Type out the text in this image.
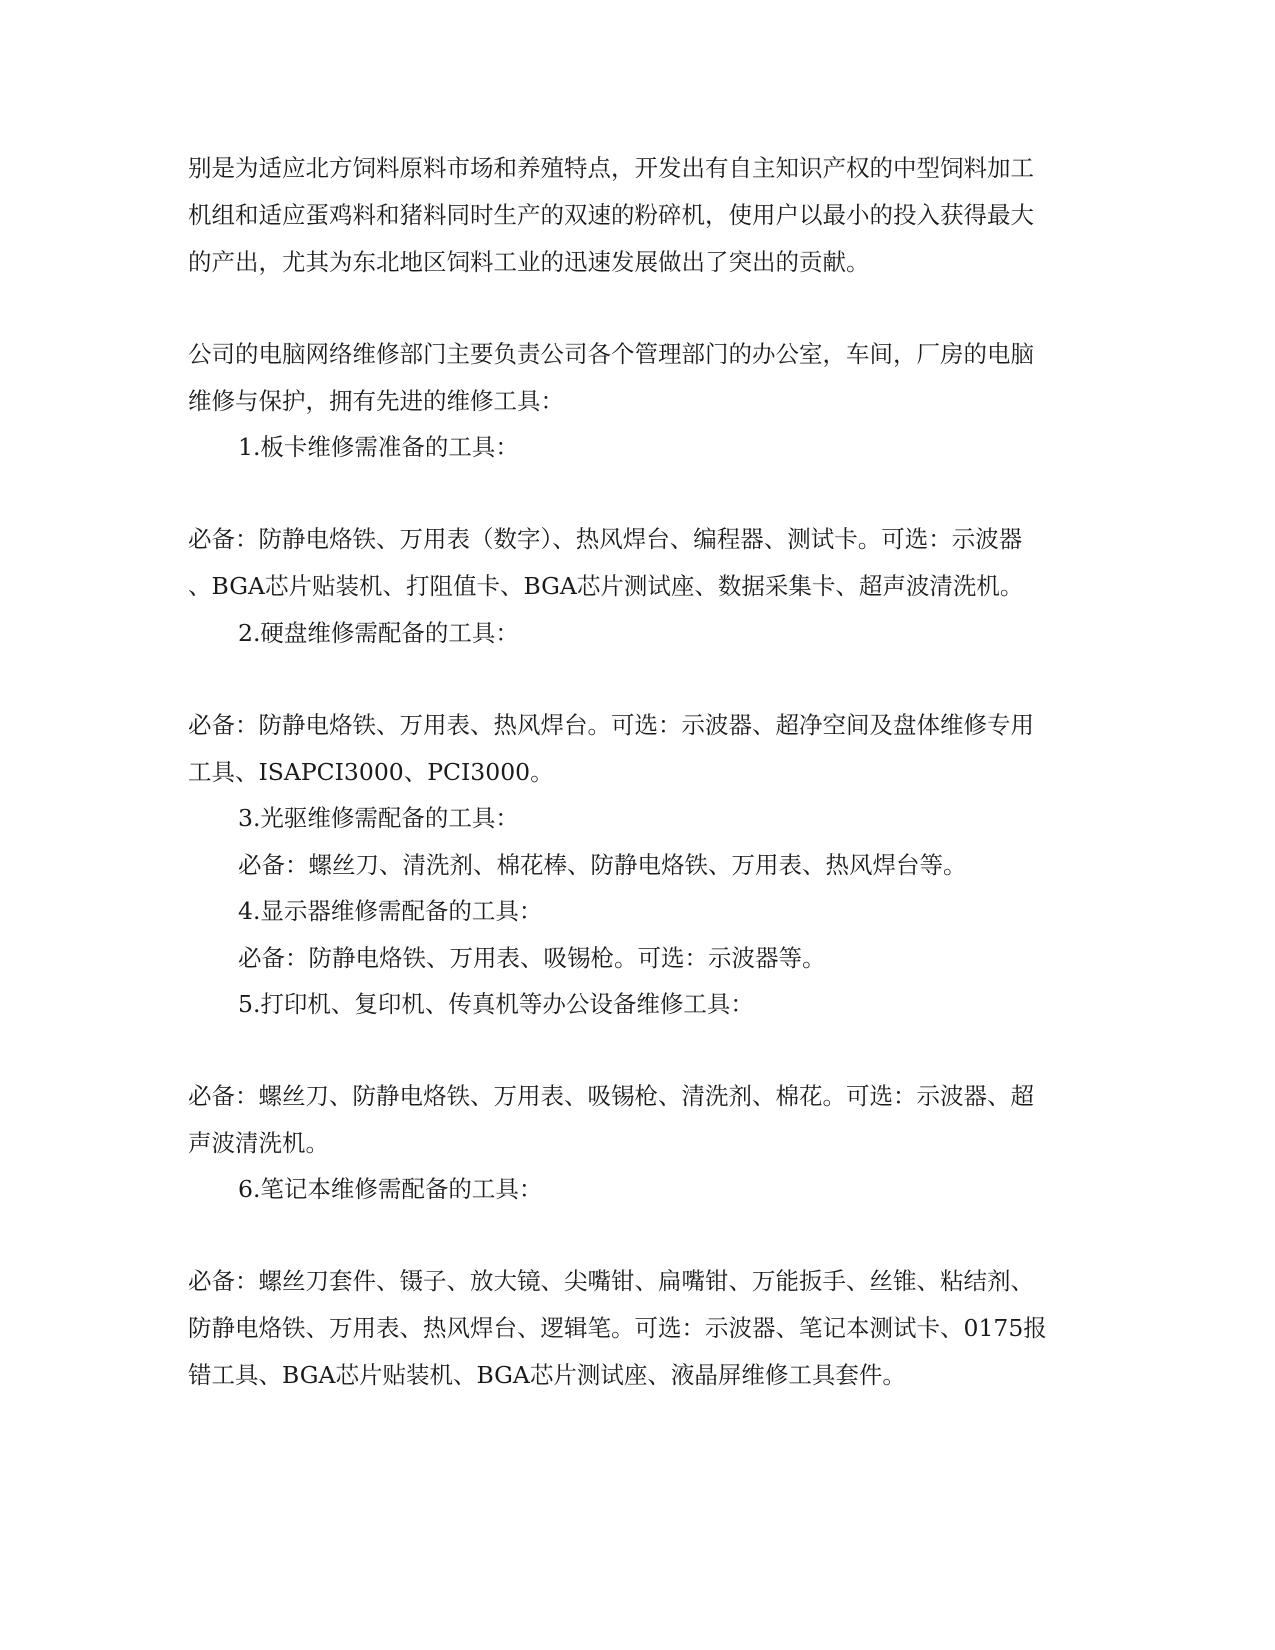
别是为适应北方饲料原料市场和养殖特点，开发出有自主知识产权的中型饲料加工
机组和适应蛋鸡料和猪料同时生产的双速的粉碎机，使用户以最小的投入获得最大
的产出，尤其为东北地区饲料工业的迅速发展做出了突出的贡献。
公司的电脑网络维修部门主要负责公司各个管理部门的办公室，车间，厂房的电脑
维修与保护，拥有先进的维修工具：
1.板卡维修需准备的工具：
必备：防静电烙铁、万用表（数字）、热风焊台、编程器、测试卡。可选：示波器
、BGA芯片贴装机、打阻值卡、BGA芯片测试座、数据采集卡、超声波清洗机。
2.硬盘维修需配备的工具：
必备：防静电烙铁、万用表、热风焊台。可选：示波器、超净空间及盘体维修专用
工具、ISAPCI3000、PCI3000。
3.光驱维修需配备的工具：
必备：螺丝刀、清洗剂、棉花棒、防静电烙铁、万用表、热风焊台等。
4.显示器维修需配备的工具：
必备：防静电烙铁、万用表、吸锡枪。可选：示波器等。
5.打印机、复印机、传真机等办公设备维修工具：
必备：螺丝刀、防静电烙铁、万用表、吸锡枪、清洗剂、棉花。可选：示波器、超
声波清洗机。
6.笔记本维修需配备的工具：
必备：螺丝刀套件、镊子、放大镜、尖嘴钳、扁嘴钳、万能扳手、丝锥、粘结剂、
防静电烙铁、万用表、热风焊台、逻辑笔。可选：示波器、笔记本测试卡、0175报
错工具、BGA芯片贴装机、BGA芯片测试座、液晶屏维修工具套件。
